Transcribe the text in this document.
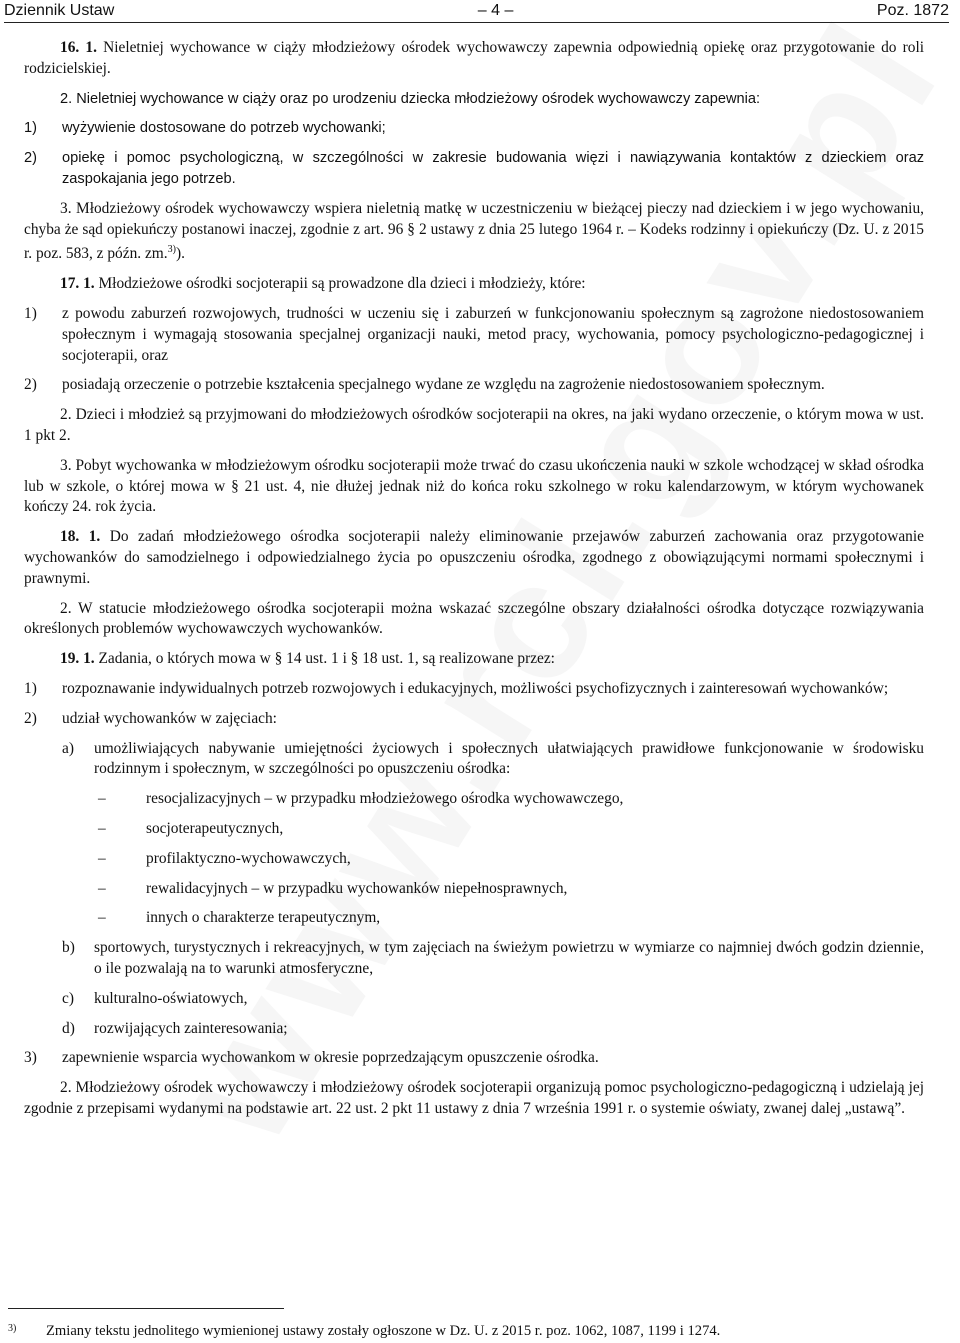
Dziennik Ustaw	– 4 –	Poz. 1872

16. 1. Nieletniej wychowance w ciąży młodzieżowy ośrodek wychowawczy zapewnia odpowiednią opiekę oraz przygotowanie do roli rodzicielskiej.

2. Nieletniej wychowance w ciąży oraz po urodzeniu dziecka młodzieżowy ośrodek wychowawczy zapewnia:

1)	wyżywienie dostosowane do potrzeb wychowanki;
2)	opiekę i pomoc psychologiczną, w szczególności w zakresie budowania więzi i nawiązywania kontaktów z dzieckiem oraz zaspokajania jego potrzeb.

3. Młodzieżowy ośrodek wychowawczy wspiera nieletnią matkę w uczestniczeniu w bieżącej pieczy nad dzieckiem i w jego wychowaniu, chyba że sąd opiekuńczy postanowi inaczej, zgodnie z art. 96 § 2 ustawy z dnia 25 lutego 1964 r. – Kodeks rodzinny i opiekuńczy (Dz. U. z 2015 r. poz. 583, z późn. zm.$^{3)}$).

17. 1. Młodzieżowe ośrodki socjoterapii są prowadzone dla dzieci i młodzieży, które:

1)	z powodu zaburzeń rozwojowych, trudności w uczeniu się i zaburzeń w funkcjonowaniu społecznym są zagrożone niedostosowaniem społecznym i wymagają stosowania specjalnej organizacji nauki, metod pracy, wychowania, pomocy psychologiczno-pedagogicznej i socjoterapii, oraz
2)	posiadają orzeczenie o potrzebie kształcenia specjalnego wydane ze względu na zagrożenie niedostosowaniem społecznym.

2. Dzieci i młodzież są przyjmowani do młodzieżowych ośrodków socjoterapii na okres, na jaki wydano orzeczenie, o którym mowa w ust. 1 pkt 2.

3. Pobyt wychowanka w młodzieżowym ośrodku socjoterapii może trwać do czasu ukończenia nauki w szkole wchodzącej w skład ośrodka lub w szkole, o której mowa w § 21 ust. 4, nie dłużej jednak niż do końca roku szkolnego w roku kalendarzowym, w którym wychowanek kończy 24. rok życia.

18. 1. Do zadań młodzieżowego ośrodka socjoterapii należy eliminowanie przejawów zaburzeń zachowania oraz przygotowanie wychowanków do samodzielnego i odpowiedzialnego życia po opuszczeniu ośrodka, zgodnego z obowiązującymi normami społecznymi i prawnymi.

2. W statucie młodzieżowego ośrodka socjoterapii można wskazać szczególne obszary działalności ośrodka dotyczące rozwiązywania określonych problemów wychowawczych wychowanków.

19. 1. Zadania, o których mowa w § 14 ust. 1 i § 18 ust. 1, są realizowane przez:

1)	rozpoznawanie indywidualnych potrzeb rozwojowych i edukacyjnych, możliwości psychofizycznych i zainteresowań wychowanków;
2)	udział wychowanków w zajęciach:
a)	umożliwiających nabywanie umiejętności życiowych i społecznych ułatwiających prawidłowe funkcjonowanie w środowisku rodzinnym i społecznym, w szczególności po opuszczeniu ośrodka:
–	resocjalizacyjnych – w przypadku młodzieżowego ośrodka wychowawczego,
–	socjoterapeutycznych,
–	profilaktyczno-wychowawczych,
–	rewalidacyjnych – w przypadku wychowanków niepełnosprawnych,
–	innych o charakterze terapeutycznym,
b)	sportowych, turystycznych i rekreacyjnych, w tym zajęciach na świeżym powietrzu w wymiarze co najmniej dwóch godzin dziennie, o ile pozwalają na to warunki atmosferyczne,
c)	kulturalno-oświatowych,
d)	rozwijających zainteresowania;
3)	zapewnienie wsparcia wychowankom w okresie poprzedzającym opuszczenie ośrodka.

2. Młodzieżowy ośrodek wychowawczy i młodzieżowy ośrodek socjoterapii organizują pomoc psychologiczno-pedagogiczną i udzielają jej zgodnie z przepisami wydanymi na podstawie art. 22 ust. 2 pkt 11 ustawy z dnia 7 września 1991 r. o systemie oświaty, zwanej dalej „ustawą”.

3)	Zmiany tekstu jednolitego wymienionej ustawy zostały ogłoszone w Dz. U. z 2015 r. poz. 1062, 1087, 1199 i 1274.
